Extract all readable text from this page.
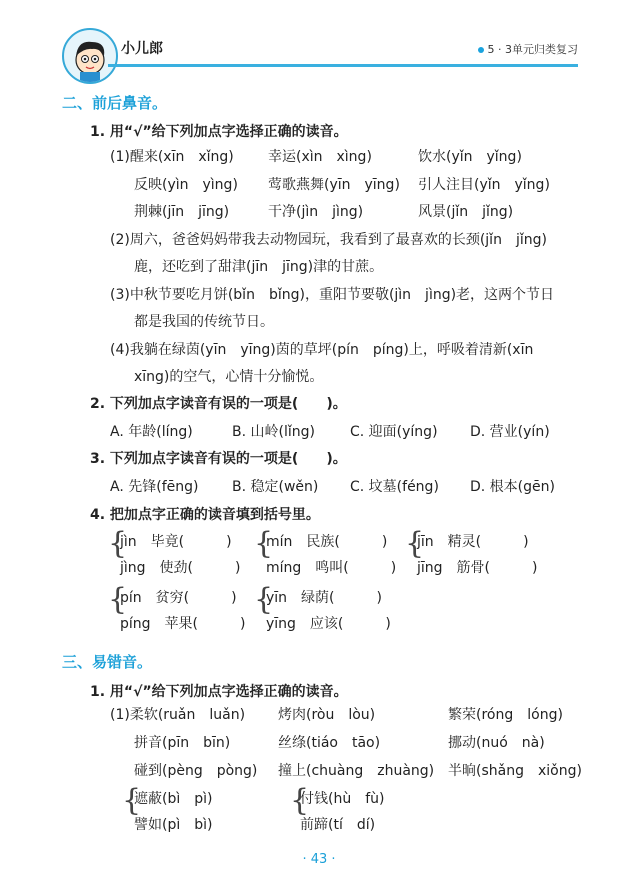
小儿郎	5 · 3单元归类复习
二、前后鼻音。
1. 用“√”给下列加点字选择正确的读音。
(1)醒来(xīn　xǐng) 幸运(xìn　xìng)	饮水(yǐn　yǐng)
反映(yìn　yìng) 莺歌燕舞(yīn　yīng) 引人注目(yǐn　yǐng)
荆棘(jīn　jīng)	干净(jìn　jìng)	风景(jǐn　jǐng)
(2)周六，爸爸妈妈带我去动物园玩，我看到了最喜欢的长颈(jǐn　jǐng)
鹿，还吃到了甜津(jīn　jīng)津的甘蔗。
(3)中秋节要吃月饼(bǐn　bǐng)，重阳节要敬(jìn　jìng)老，这两个节日
都是我国的传统节日。
(4)我躺在绿茵(yīn　yīng)茵的草坪(pín　píng)上，呼吸着清新(xīn
xīng)的空气，心情十分愉悦。
2. 下列加点字读音有误的一项是(　　)。
A. 年龄(líng)	B. 山岭(lǐng)	C. 迎面(yíng) D. 营业(yín)
3. 下列加点字读音有误的一项是(　　)。
A. 先锋(fēng) B. 稳定(wěn) C. 坟墓(féng) D. 根本(gēn)
4. 把加点字正确的读音填到括号里。
{
jìn　毕竟(　　　)
jìng　使劲(　　　)
{
mín　民族(　　　)
míng　鸣叫(　　　)
{
jīn　精灵(　　　)
jīng　筋骨(　　　)
{
pín　贫穷(　　　)
píng　苹果(　　　)
{
yīn　绿荫(　　　)
yīng　应该(　　　)
三、易错音。
1. 用“√”给下列加点字选择正确的读音。
(1)柔软(ruǎn　luǎn) 烤肉(ròu　lòu)	繁荣(róng　lóng)
拼音(pīn　bīn)	丝绦(tiáo　tāo)	挪动(nuó　nà)
碰到(pèng　pòng) 撞上(chuàng　zhuàng) 半晌(shǎng　xiǒng)
{
遮蔽(bì　pì)
譬如(pì　bì)
{
付钱(hù　fù)
前蹄(tí　dí)
· 43 ·
